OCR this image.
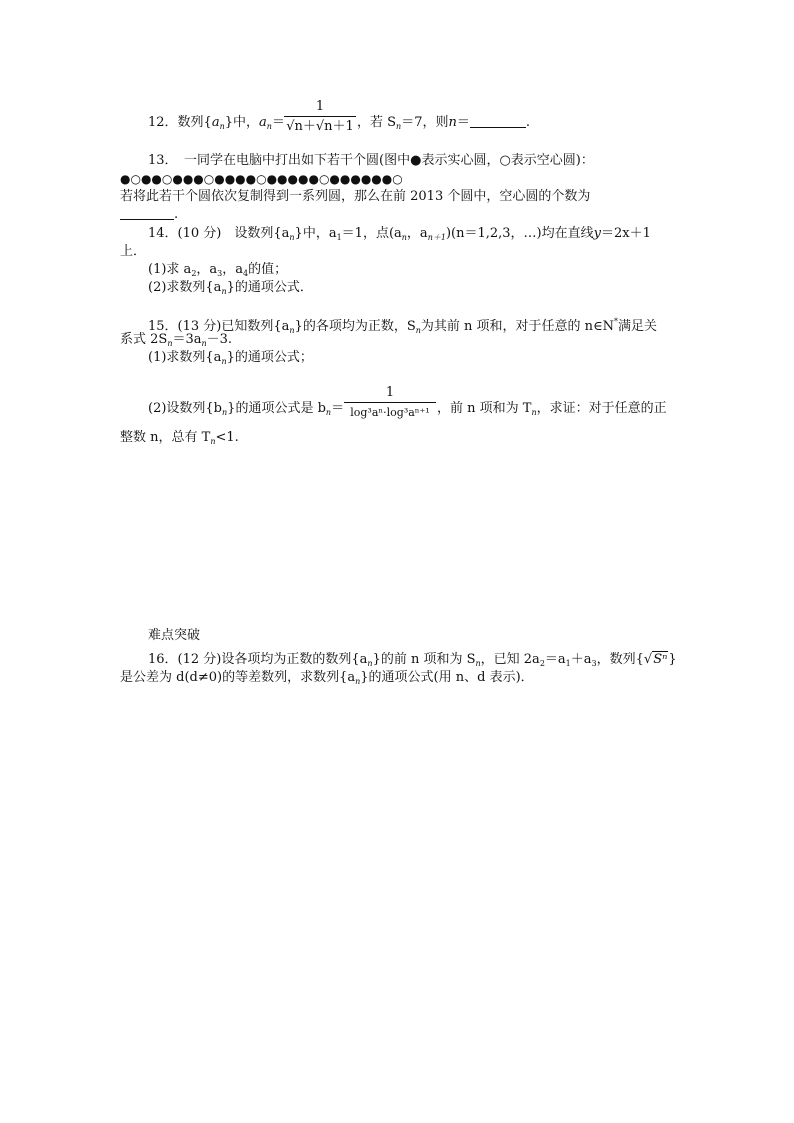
12．数列$\{a_n\}$中，$a_n=$
1
√n＋√n＋1 ，若 $S_n=7$，则n＝	.
13．　一同学在电脑中打出如下若干个圆(图中●表示实心圆，○表示空心圆)：
●○●●○●●●○●●●●○●●●●●○●●●●●●○
若将此若干个圆依次复制得到一系列圆，那么在前 2013 个圆中，空心圆的个数为
.
14．(10 分)　设数列$\{a_n\}$中，$a_1=1$，点($a_n$，$a_{n+1})(n=1,2,3$，…)均在直线y＝2x＋1
上．
(1)求 $a_2$，$a_3$，$a_4$的值；
(2)求数列$\{a_n\}$的通项公式．
15．(13 分)已知数列$\{a_n\}$的各项均为正数，$S_n$为其前 n 项和，对于任意的 n∈N*满足关
系式 $2S_n=3a_n-3$.
(1)求数列$\{a_n\}$的通项公式；
(2)设数列$\{b_n\}$的通项公式是 $b_n=$
1
log³aⁿ·log³aⁿ⁺¹ ，前 n 项和为 $T_n$，求证：对于任意的正
整数 n，总有 $T_n<1$.
难点突破
16．(12 分)设各项均为正数的数列$\{a_n\}$的前 n 项和为 $S_n$，已知 $2a_2=a_1+a_3$，数列{√Sⁿ}
是公差为 d(d≠0)的等差数列，求数列$\{a_n\}$的通项公式(用 n、d 表示)．
